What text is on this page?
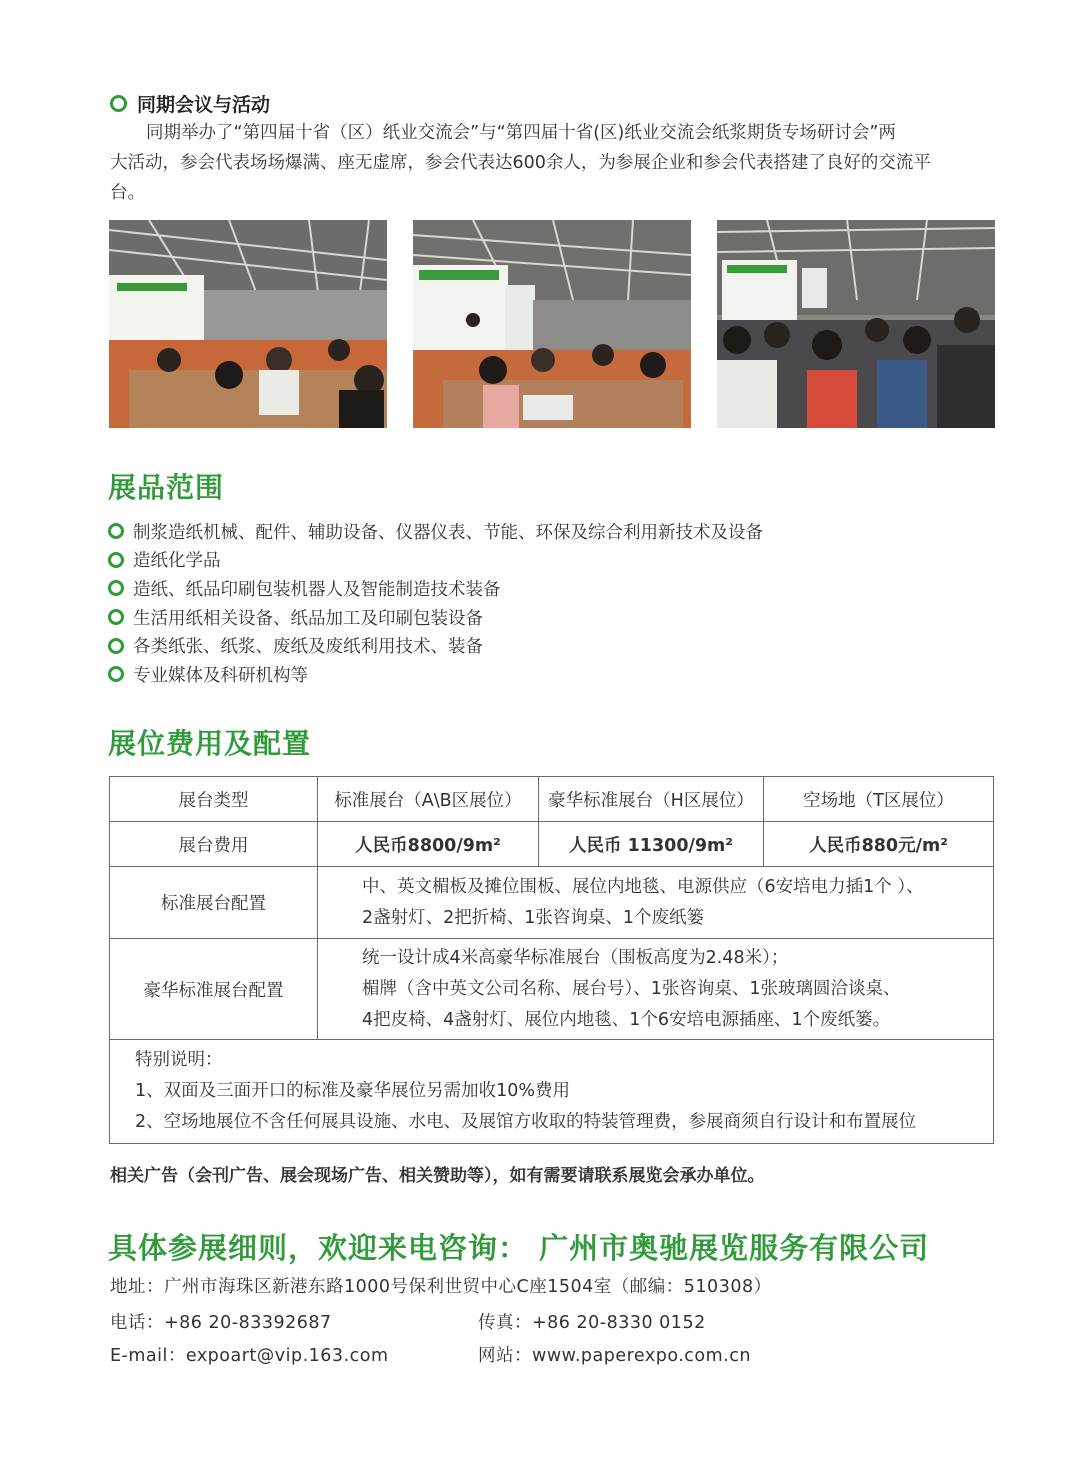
同期会议与活动
同期举办了“第四届十省（区）纸业交流会”与“第四届十省(区)纸业交流会纸浆期货专场研讨会”两
大活动，参会代表场场爆满、座无虚席，参会代表达600余人，为参展企业和参会代表搭建了良好的交流平
台。
展品范围
制浆造纸机械、配件、辅助设备、仪器仪表、节能、环保及综合利用新技术及设备
造纸化学品
造纸、纸品印刷包装机器人及智能制造技术装备
生活用纸相关设备、纸品加工及印刷包装设备
各类纸张、纸浆、废纸及废纸利用技术、装备
专业媒体及科研机构等
展位费用及配置
展台类型	标准展台（A\B区展位）	豪华标准展台（H区展位）	空场地（T区展位）
展台费用	人民币8800/9m²	人民币 11300/9m²	人民币880元/m²
标准展台配置	中、英文楣板及摊位围板、展位内地毯、电源供应（6安培电力插1个 ）、
2盏射灯、2把折椅、1张咨询桌、1个废纸篓		

豪华标准展台配置	统一设计成4米高豪华标准展台（围板高度为2.48米）；
楣牌（含中英文公司名称、展台号）、1张咨询桌、1张玻璃圆洽谈桌、
4把皮椅、4盏射灯、展位内地毯、1个6安培电源插座、1个废纸篓。		

特别说明：
1、双面及三面开口的标准及豪华展位另需加收10%费用
2、空场地展位不含任何展具设施、水电、及展馆方收取的特装管理费，参展商须自行设计和布置展位			
相关广告（会刊广告、展会现场广告、相关赞助等），如有需要请联系展览会承办单位。
具体参展细则，欢迎来电咨询： 广州市奥驰展览服务有限公司
地址：广州市海珠区新港东路1000号保利世贸中心C座1504室（邮编：510308）
电话：+86 20-83392687	传真：+86 20-8330 0152
E-mail：expoart@vip.163.com	网站：www.paperexpo.com.cn
